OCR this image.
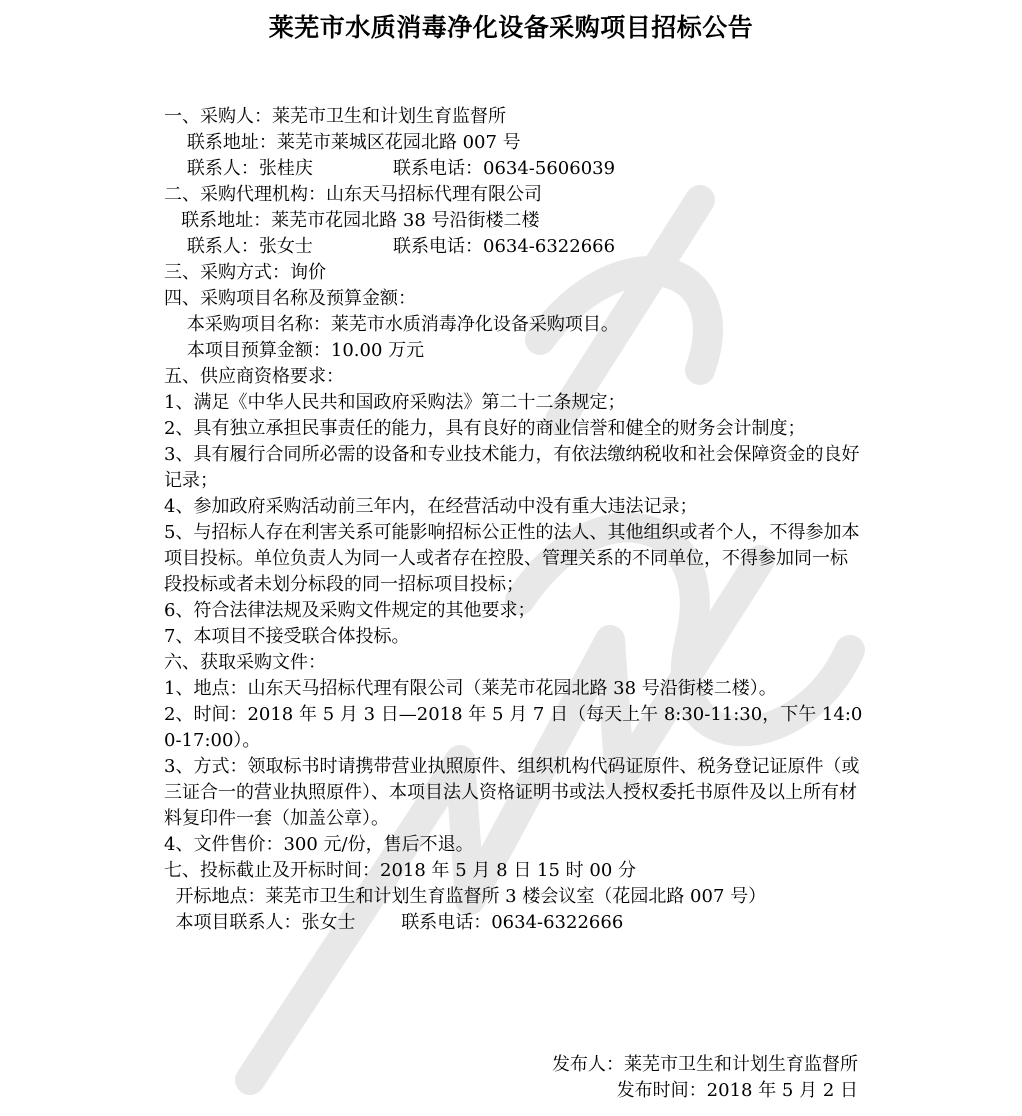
莱芜市水质消毒净化设备采购项目招标公告
一、采购人：莱芜市卫生和计划生育监督所
联系地址：莱芜市莱城区花园北路 007 号
联系人：张桂庆              联系电话：0634-5606039
二、采购代理机构：山东天马招标代理有限公司
联系地址：莱芜市花园北路 38 号沿街楼二楼
联系人：张女士              联系电话：0634-6322666
三、采购方式：询价
四、采购项目名称及预算金额：
本采购项目名称：莱芜市水质消毒净化设备采购项目。
本项目预算金额：10.00 万元
五、供应商资格要求：
1、满足《中华人民共和国政府采购法》第二十二条规定；
2、具有独立承担民事责任的能力，具有良好的商业信誉和健全的财务会计制度；
3、具有履行合同所必需的设备和专业技术能力，有依法缴纳税收和社会保障资金的良好记录；
4、参加政府采购活动前三年内，在经营活动中没有重大违法记录；
5、与招标人存在利害关系可能影响招标公正性的法人、其他组织或者个人，不得参加本项目投标。单位负责人为同一人或者存在控股、管理关系的不同单位，不得参加同一标段投标或者未划分标段的同一招标项目投标；
6、符合法律法规及采购文件规定的其他要求；
7、本项目不接受联合体投标。
六、获取采购文件：
1、地点：山东天马招标代理有限公司（莱芜市花园北路 38 号沿街楼二楼）。
2、时间：2018 年 5 月 3 日—2018 年 5 月 7 日（每天上午 8:30-11:30，下午 14:00-17:00）。
3、方式：领取标书时请携带营业执照原件、组织机构代码证原件、税务登记证原件（或三证合一的营业执照原件）、本项目法人资格证明书或法人授权委托书原件及以上所有材料复印件一套（加盖公章）。
4、文件售价：300 元/份，售后不退。
七、投标截止及开标时间：2018 年 5 月 8 日 15 时 00 分
开标地点：莱芜市卫生和计划生育监督所 3 楼会议室（花园北路 007 号）
本项目联系人：张女士        联系电话：0634-6322666
发布人：莱芜市卫生和计划生育监督所
发布时间：2018 年 5 月 2 日
